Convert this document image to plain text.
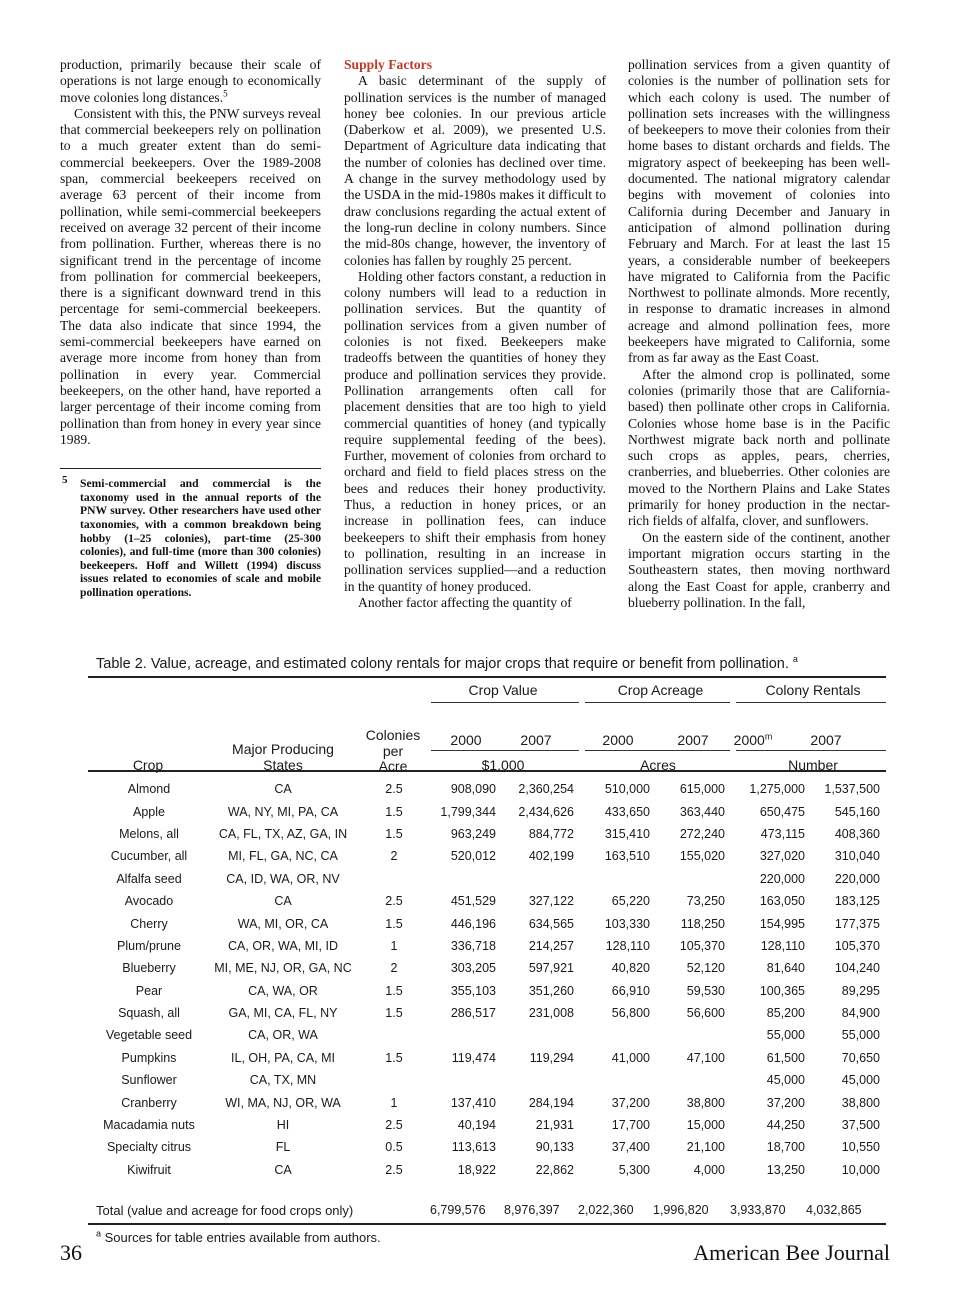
production, primarily because their scale of operations is not large enough to economically move colonies long distances.$^5$

Consistent with this, the PNW surveys reveal that commercial beekeepers rely on pollination to a much greater extent than do semi-commercial beekeepers. Over the 1989-2008 span, commercial beekeepers received on average 63 percent of their income from pollination, while semi-commercial beekeepers received on average 32 percent of their income from pollination. Further, whereas there is no significant trend in the percentage of income from pollination for commercial beekeepers, there is a significant downward trend in this percentage for semi-commercial beekeepers. The data also indicate that since 1994, the semi-commercial beekeepers have earned on average more income from honey than from pollination in every year. Commercial beekeepers, on the other hand, have reported a larger percentage of their income coming from pollination than from honey in every year since 1989.

5 Semi-commercial and commercial is the taxonomy used in the annual reports of the PNW survey. Other researchers have used other taxonomies, with a common breakdown being hobby (1–25 colonies), part-time (25-300 colonies), and full-time (more than 300 colonies) beekeepers. Hoff and Willett (1994) discuss issues related to economies of scale and mobile pollination operations.

Supply Factors

A basic determinant of the supply of pollination services is the number of managed honey bee colonies. In our previous article (Daberkow et al. 2009), we presented U.S. Department of Agriculture data indicating that the number of colonies has declined over time. A change in the survey methodology used by the USDA in the mid-1980s makes it difficult to draw conclusions regarding the actual extent of the long-run decline in colony numbers. Since the mid-80s change, however, the inventory of colonies has fallen by roughly 25 percent.

Holding other factors constant, a reduction in colony numbers will lead to a reduction in pollination services. But the quantity of pollination services from a given number of colonies is not fixed. Beekeepers make tradeoffs between the quantities of honey they produce and pollination services they provide. Pollination arrangements often call for placement densities that are too high to yield commercial quantities of honey (and typically require supplemental feeding of the bees). Further, movement of colonies from orchard to orchard and field to field places stress on the bees and reduces their honey productivity. Thus, a reduction in honey prices, or an increase in pollination fees, can induce beekeepers to shift their emphasis from honey to pollination, resulting in an increase in pollination services supplied—and a reduction in the quantity of honey produced.

Another factor affecting the quantity of

pollination services from a given quantity of colonies is the number of pollination sets for which each colony is used. The number of pollination sets increases with the willingness of beekeepers to move their colonies from their home bases to distant orchards and fields. The migratory aspect of beekeeping has been well-documented. The national migratory calendar begins with movement of colonies into California during December and January in anticipation of almond pollination during February and March. For at least the last 15 years, a considerable number of beekeepers have migrated to California from the Pacific Northwest to pollinate almonds. More recently, in response to dramatic increases in almond acreage and almond pollination fees, more beekeepers have migrated to California, some from as far away as the East Coast.

After the almond crop is pollinated, some colonies (primarily those that are California-based) then pollinate other crops in California. Colonies whose home base is in the Pacific Northwest migrate back north and pollinate such crops as apples, pears, cherries, cranberries, and blueberries. Other colonies are moved to the Northern Plains and Lake States primarily for honey production in the nectar-rich fields of alfalfa, clover, and sunflowers.

On the eastern side of the continent, another important migration occurs starting in the Southeastern states, then moving northward along the East Coast for apple, cranberry and blueberry pollination. In the fall,

Table 2. Value, acreage, and estimated colony rentals for major crops that require or benefit from pollination. $^a$
Crop Value	Crop Acreage	Colony Rentals
Colonies
per
Acre
Major Producing
States
Crop
2000	2007	2000	2007	2000$^m$	2007
$1,000	Acres	Number
Almond	CA	2.5	908,090	2,360,254	510,000	615,000	1,275,000	1,537,500
Apple	WA, NY, MI, PA, CA	1.5	1,799,344	2,434,626	433,650	363,440	650,475	545,160
Melons, all	CA, FL, TX, AZ, GA, IN	1.5	963,249	884,772	315,410	272,240	473,115	408,360
Cucumber, all	MI, FL, GA, NC, CA	2	520,012	402,199	163,510	155,020	327,020	310,040
Alfalfa seed	CA, ID, WA, OR, NV						220,000	220,000
Avocado	CA	2.5	451,529	327,122	65,220	73,250	163,050	183,125
Cherry	WA, MI, OR, CA	1.5	446,196	634,565	103,330	118,250	154,995	177,375
Plum/prune	CA, OR, WA, MI, ID	1	336,718	214,257	128,110	105,370	128,110	105,370
Blueberry	MI, ME, NJ, OR, GA, NC	2	303,205	597,921	40,820	52,120	81,640	104,240
Pear	CA, WA, OR	1.5	355,103	351,260	66,910	59,530	100,365	89,295
Squash, all	GA, MI, CA, FL, NY	1.5	286,517	231,008	56,800	56,600	85,200	84,900
Vegetable seed	CA, OR, WA						55,000	55,000
Pumpkins	IL, OH, PA, CA, MI	1.5	119,474	119,294	41,000	47,100	61,500	70,650
Sunflower	CA, TX, MN						45,000	45,000
Cranberry	WI, MA, NJ, OR, WA	1	137,410	284,194	37,200	38,800	37,200	38,800
Macadamia nuts	HI	2.5	40,194	21,931	17,700	15,000	44,250	37,500
Specialty citrus	FL	0.5	113,613	90,133	37,400	21,100	18,700	10,550
Kiwifruit	CA	2.5	18,922	22,862	5,300	4,000	13,250	10,000
Total (value and acreage for food crops only)	6,799,576 8,976,397 2,022,360 1,996,820 3,933,870 4,032,865
$^a$ Sources for table entries available from authors.
36	American Bee Journal
